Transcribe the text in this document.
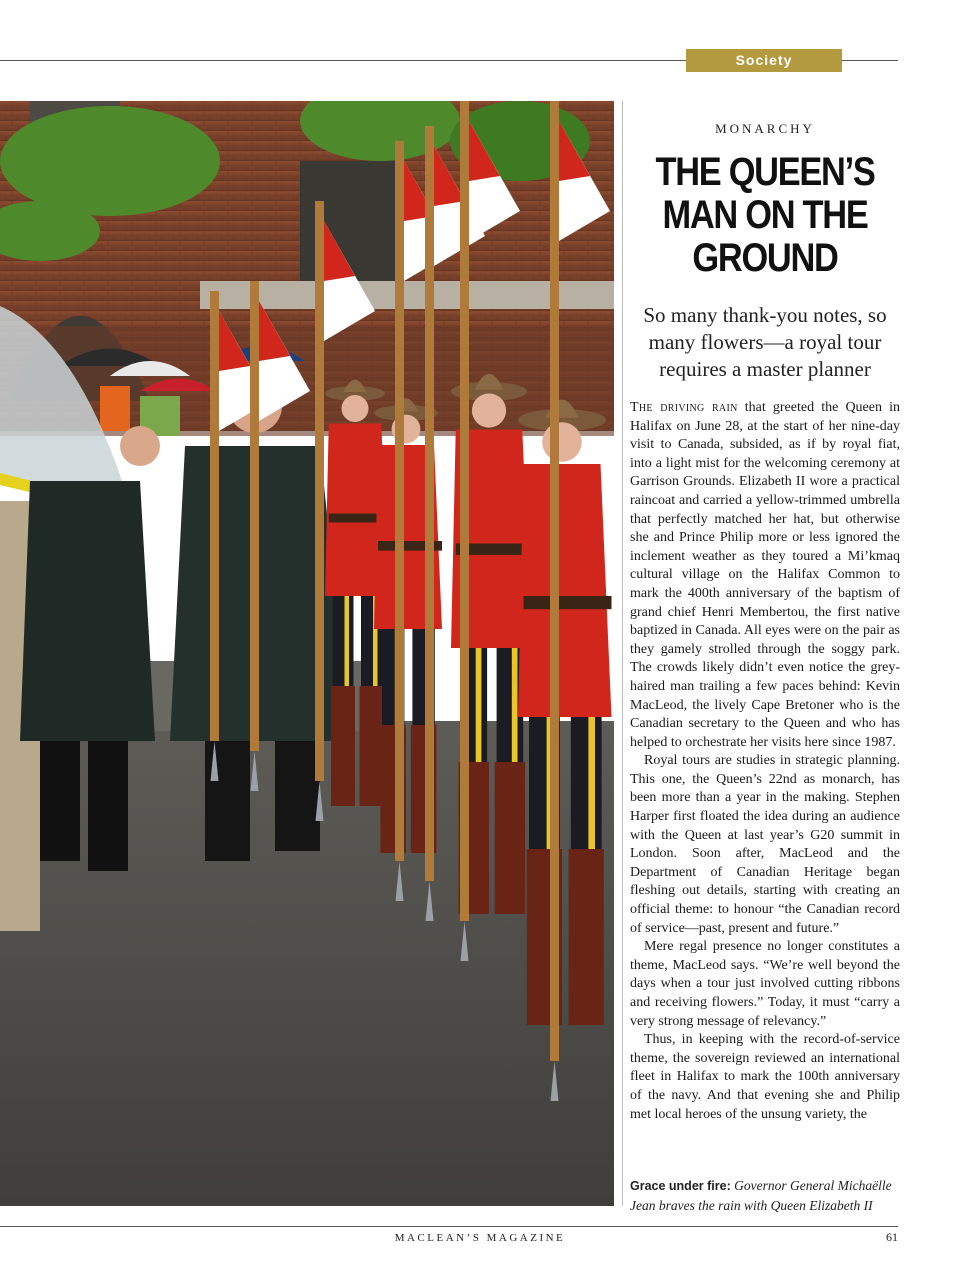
Society
MONARCHY
THE QUEEN’S MAN ON THE GROUND
So many thank-you notes, so many flowers—a royal tour requires a master planner

The driving rain that greeted the Queen in Halifax on June 28, at the start of her nine-day visit to Canada, subsided, as if by royal fiat, into a light mist for the welcoming ceremony at Garrison Grounds. Elizabeth II wore a practical raincoat and carried a yellow-trimmed umbrella that perfectly matched her hat, but otherwise she and Prince Philip more or less ignored the inclement weather as they toured a Mi’kmaq cultural village on the Halifax Common to mark the 400th anniversary of the baptism of grand chief Henri Membertou, the first native baptized in Canada. All eyes were on the pair as they gamely strolled through the soggy park. The crowds likely didn’t even notice the grey-haired man trailing a few paces behind: Kevin MacLeod, the lively Cape Bretoner who is the Canadian secretary to the Queen and who has helped to orchestrate her visits here since 1987.

Royal tours are studies in strategic planning. This one, the Queen’s 22nd as monarch, has been more than a year in the making. Stephen Harper first floated the idea during an audience with the Queen at last year’s G20 summit in London. Soon after, MacLeod and the Department of Canadian Heritage began fleshing out details, starting with creating an official theme: to honour “the Canadian record of service—past, present and future.”

Mere regal presence no longer constitutes a theme, MacLeod says. “We’re well beyond the days when a tour just involved cutting ribbons and receiving flowers.” Today, it must “carry a very strong message of relevancy.”

Thus, in keeping with the record-of-service theme, the sovereign reviewed an international fleet in Halifax to mark the 100th anniversary of the navy. And that evening she and Philip met local heroes of the unsung variety, the

Grace under fire: Governor General Michaëlle Jean braves the rain with Queen Elizabeth II
MACLEAN’S MAGAZINE	61
